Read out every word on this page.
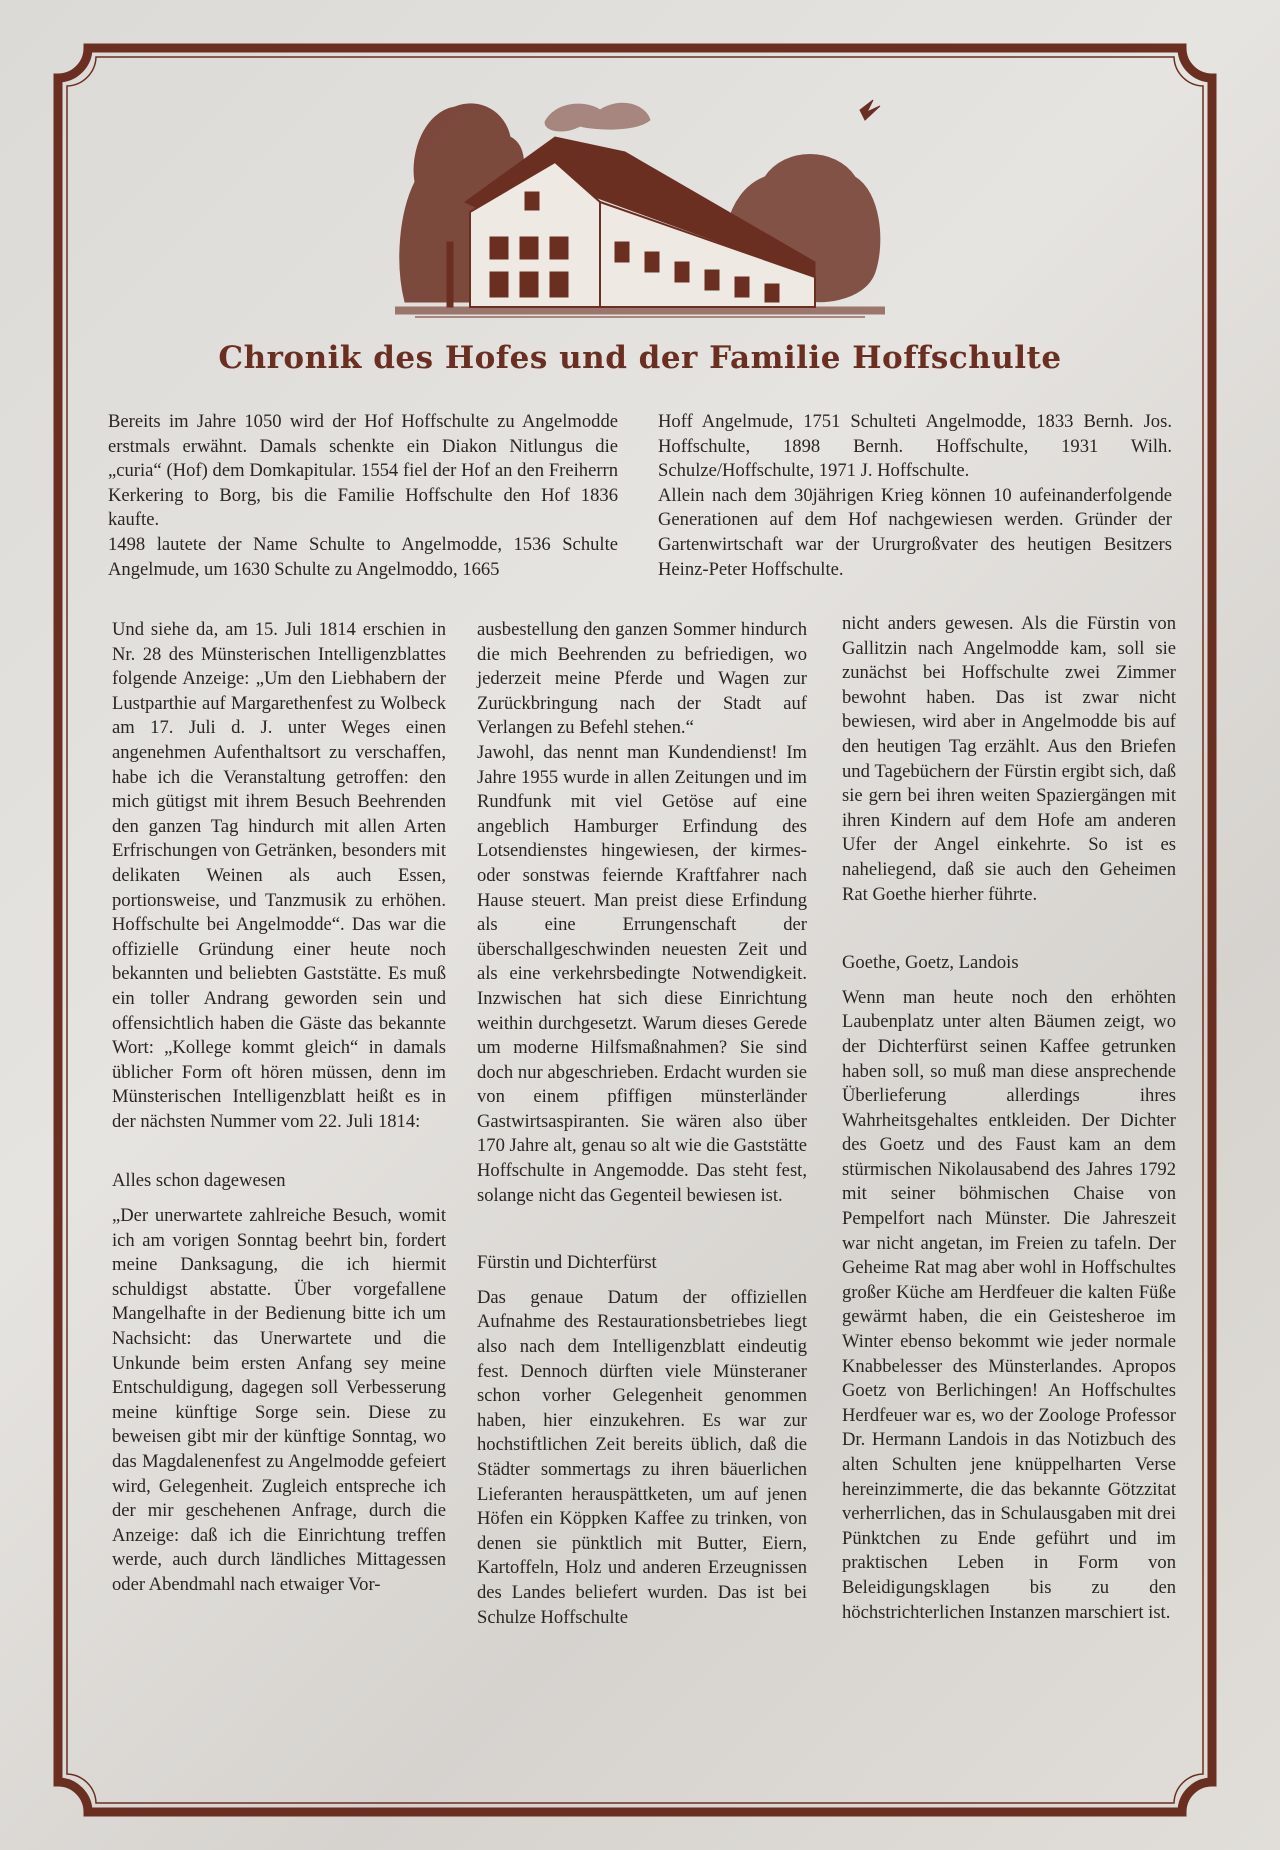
Chronik des Hofes und der Familie Hoffschulte

Bereits im Jahre 1050 wird der Hof Hoffschulte zu Angelmodde erstmals erwähnt. Damals schenkte ein Diakon Nitlungus die „curia“ (Hof) dem Domkapitular. 1554 fiel der Hof an den Freiherrn Kerkering to Borg, bis die Familie Hoffschulte den Hof 1836 kaufte.

1498 lautete der Name Schulte to Angelmodde, 1536 Schulte Angelmude, um 1630 Schulte zu Angelmoddo, 1665

Hoff Angelmude, 1751 Schulteti Angelmodde, 1833 Bernh. Jos. Hoffschulte, 1898 Bernh. Hoffschulte, 1931 Wilh. Schulze/Hoffschulte, 1971 J. Hoffschulte.

Allein nach dem 30jährigen Krieg können 10 aufeinanderfolgende Generationen auf dem Hof nachgewiesen werden. Gründer der Gartenwirtschaft war der Ururgroßvater des heutigen Besitzers Heinz-Peter Hoffschulte.

Und siehe da, am 15. Juli 1814 erschien in Nr. 28 des Münsterischen Intelligenzblattes folgende Anzeige: „Um den Liebhabern der Lustparthie auf Margarethenfest zu Wolbeck am 17. Juli d. J. unter Weges einen angenehmen Aufenthaltsort zu verschaffen, habe ich die Veranstaltung getroffen: den mich gütigst mit ihrem Besuch Beehrenden den ganzen Tag hindurch mit allen Arten Erfrischungen von Getränken, besonders mit delikaten Weinen als auch Essen, portionsweise, und Tanzmusik zu erhöhen. Hoffschulte bei Angelmodde“. Das war die offizielle Gründung einer heute noch bekannten und beliebten Gaststätte. Es muß ein toller Andrang geworden sein und offensichtlich haben die Gäste das bekannte Wort: „Kollege kommt gleich“ in damals üblicher Form oft hören müssen, denn im Münsterischen Intelligenzblatt heißt es in der nächsten Nummer vom 22. Juli 1814:

Alles schon dagewesen

„Der unerwartete zahlreiche Besuch, womit ich am vorigen Sonntag beehrt bin, fordert meine Danksagung, die ich hiermit schuldigst abstatte. Über vorgefallene Mangelhafte in der Bedienung bitte ich um Nachsicht: das Unerwartete und die Unkunde beim ersten Anfang sey meine Entschuldigung, dagegen soll Verbesserung meine künftige Sorge sein. Diese zu beweisen gibt mir der künftige Sonntag, wo das Magdalenenfest zu Angelmodde gefeiert wird, Gelegenheit. Zugleich entspreche ich der mir geschehenen Anfrage, durch die Anzeige: daß ich die Einrichtung treffen werde, auch durch ländliches Mittagessen oder Abendmahl nach etwaiger Vor-

ausbestellung den ganzen Sommer hindurch die mich Beehrenden zu befriedigen, wo jederzeit meine Pferde und Wagen zur Zurückbringung nach der Stadt auf Verlangen zu Befehl stehen.“

Jawohl, das nennt man Kundendienst! Im Jahre 1955 wurde in allen Zeitungen und im Rundfunk mit viel Getöse auf eine angeblich Hamburger Erfindung des Lotsendienstes hingewiesen, der kirmes- oder sonstwas feiernde Kraftfahrer nach Hause steuert. Man preist diese Erfindung als eine Errungenschaft der überschallgeschwinden neuesten Zeit und als eine verkehrsbedingte Notwendigkeit. Inzwischen hat sich diese Einrichtung weithin durchgesetzt. Warum dieses Gerede um moderne Hilfsmaßnahmen? Sie sind doch nur abgeschrieben. Erdacht wurden sie von einem pfiffigen münsterländer Gastwirtsaspiranten. Sie wären also über 170 Jahre alt, genau so alt wie die Gaststätte Hoffschulte in Angemodde. Das steht fest, solange nicht das Gegenteil bewiesen ist.

Fürstin und Dichterfürst

Das genaue Datum der offiziellen Aufnahme des Restaurationsbetriebes liegt also nach dem Intelligenzblatt eindeutig fest. Dennoch dürften viele Münsteraner schon vorher Gelegenheit genommen haben, hier einzukehren. Es war zur hochstiftlichen Zeit bereits üblich, daß die Städter sommertags zu ihren bäuerlichen Lieferanten herauspättketen, um auf jenen Höfen ein Köppken Kaffee zu trinken, von denen sie pünktlich mit Butter, Eiern, Kartoffeln, Holz und anderen Erzeugnissen des Landes beliefert wurden. Das ist bei Schulze Hoffschulte

nicht anders gewesen. Als die Fürstin von Gallitzin nach Angelmodde kam, soll sie zunächst bei Hoffschulte zwei Zimmer bewohnt haben. Das ist zwar nicht bewiesen, wird aber in Angelmodde bis auf den heutigen Tag erzählt. Aus den Briefen und Tagebüchern der Fürstin ergibt sich, daß sie gern bei ihren weiten Spaziergängen mit ihren Kindern auf dem Hofe am anderen Ufer der Angel einkehrte. So ist es naheliegend, daß sie auch den Geheimen Rat Goethe hierher führte.

Goethe, Goetz, Landois

Wenn man heute noch den erhöhten Laubenplatz unter alten Bäumen zeigt, wo der Dichterfürst seinen Kaffee getrunken haben soll, so muß man diese ansprechende Überlieferung allerdings ihres Wahrheitsgehaltes entkleiden. Der Dichter des Goetz und des Faust kam an dem stürmischen Nikolausabend des Jahres 1792 mit seiner böhmischen Chaise von Pempelfort nach Münster. Die Jahreszeit war nicht angetan, im Freien zu tafeln. Der Geheime Rat mag aber wohl in Hoffschultes großer Küche am Herdfeuer die kalten Füße gewärmt haben, die ein Geistesheroe im Winter ebenso bekommt wie jeder normale Knabbelesser des Münsterlandes. Apropos Goetz von Berlichingen! An Hoffschultes Herdfeuer war es, wo der Zoologe Professor Dr. Hermann Landois in das Notizbuch des alten Schulten jene knüppelharten Verse hereinzimmerte, die das bekannte Götzzitat verherrlichen, das in Schulausgaben mit drei Pünktchen zu Ende geführt und im praktischen Leben in Form von Beleidigungsklagen bis zu den höchstrichterlichen Instanzen marschiert ist.
